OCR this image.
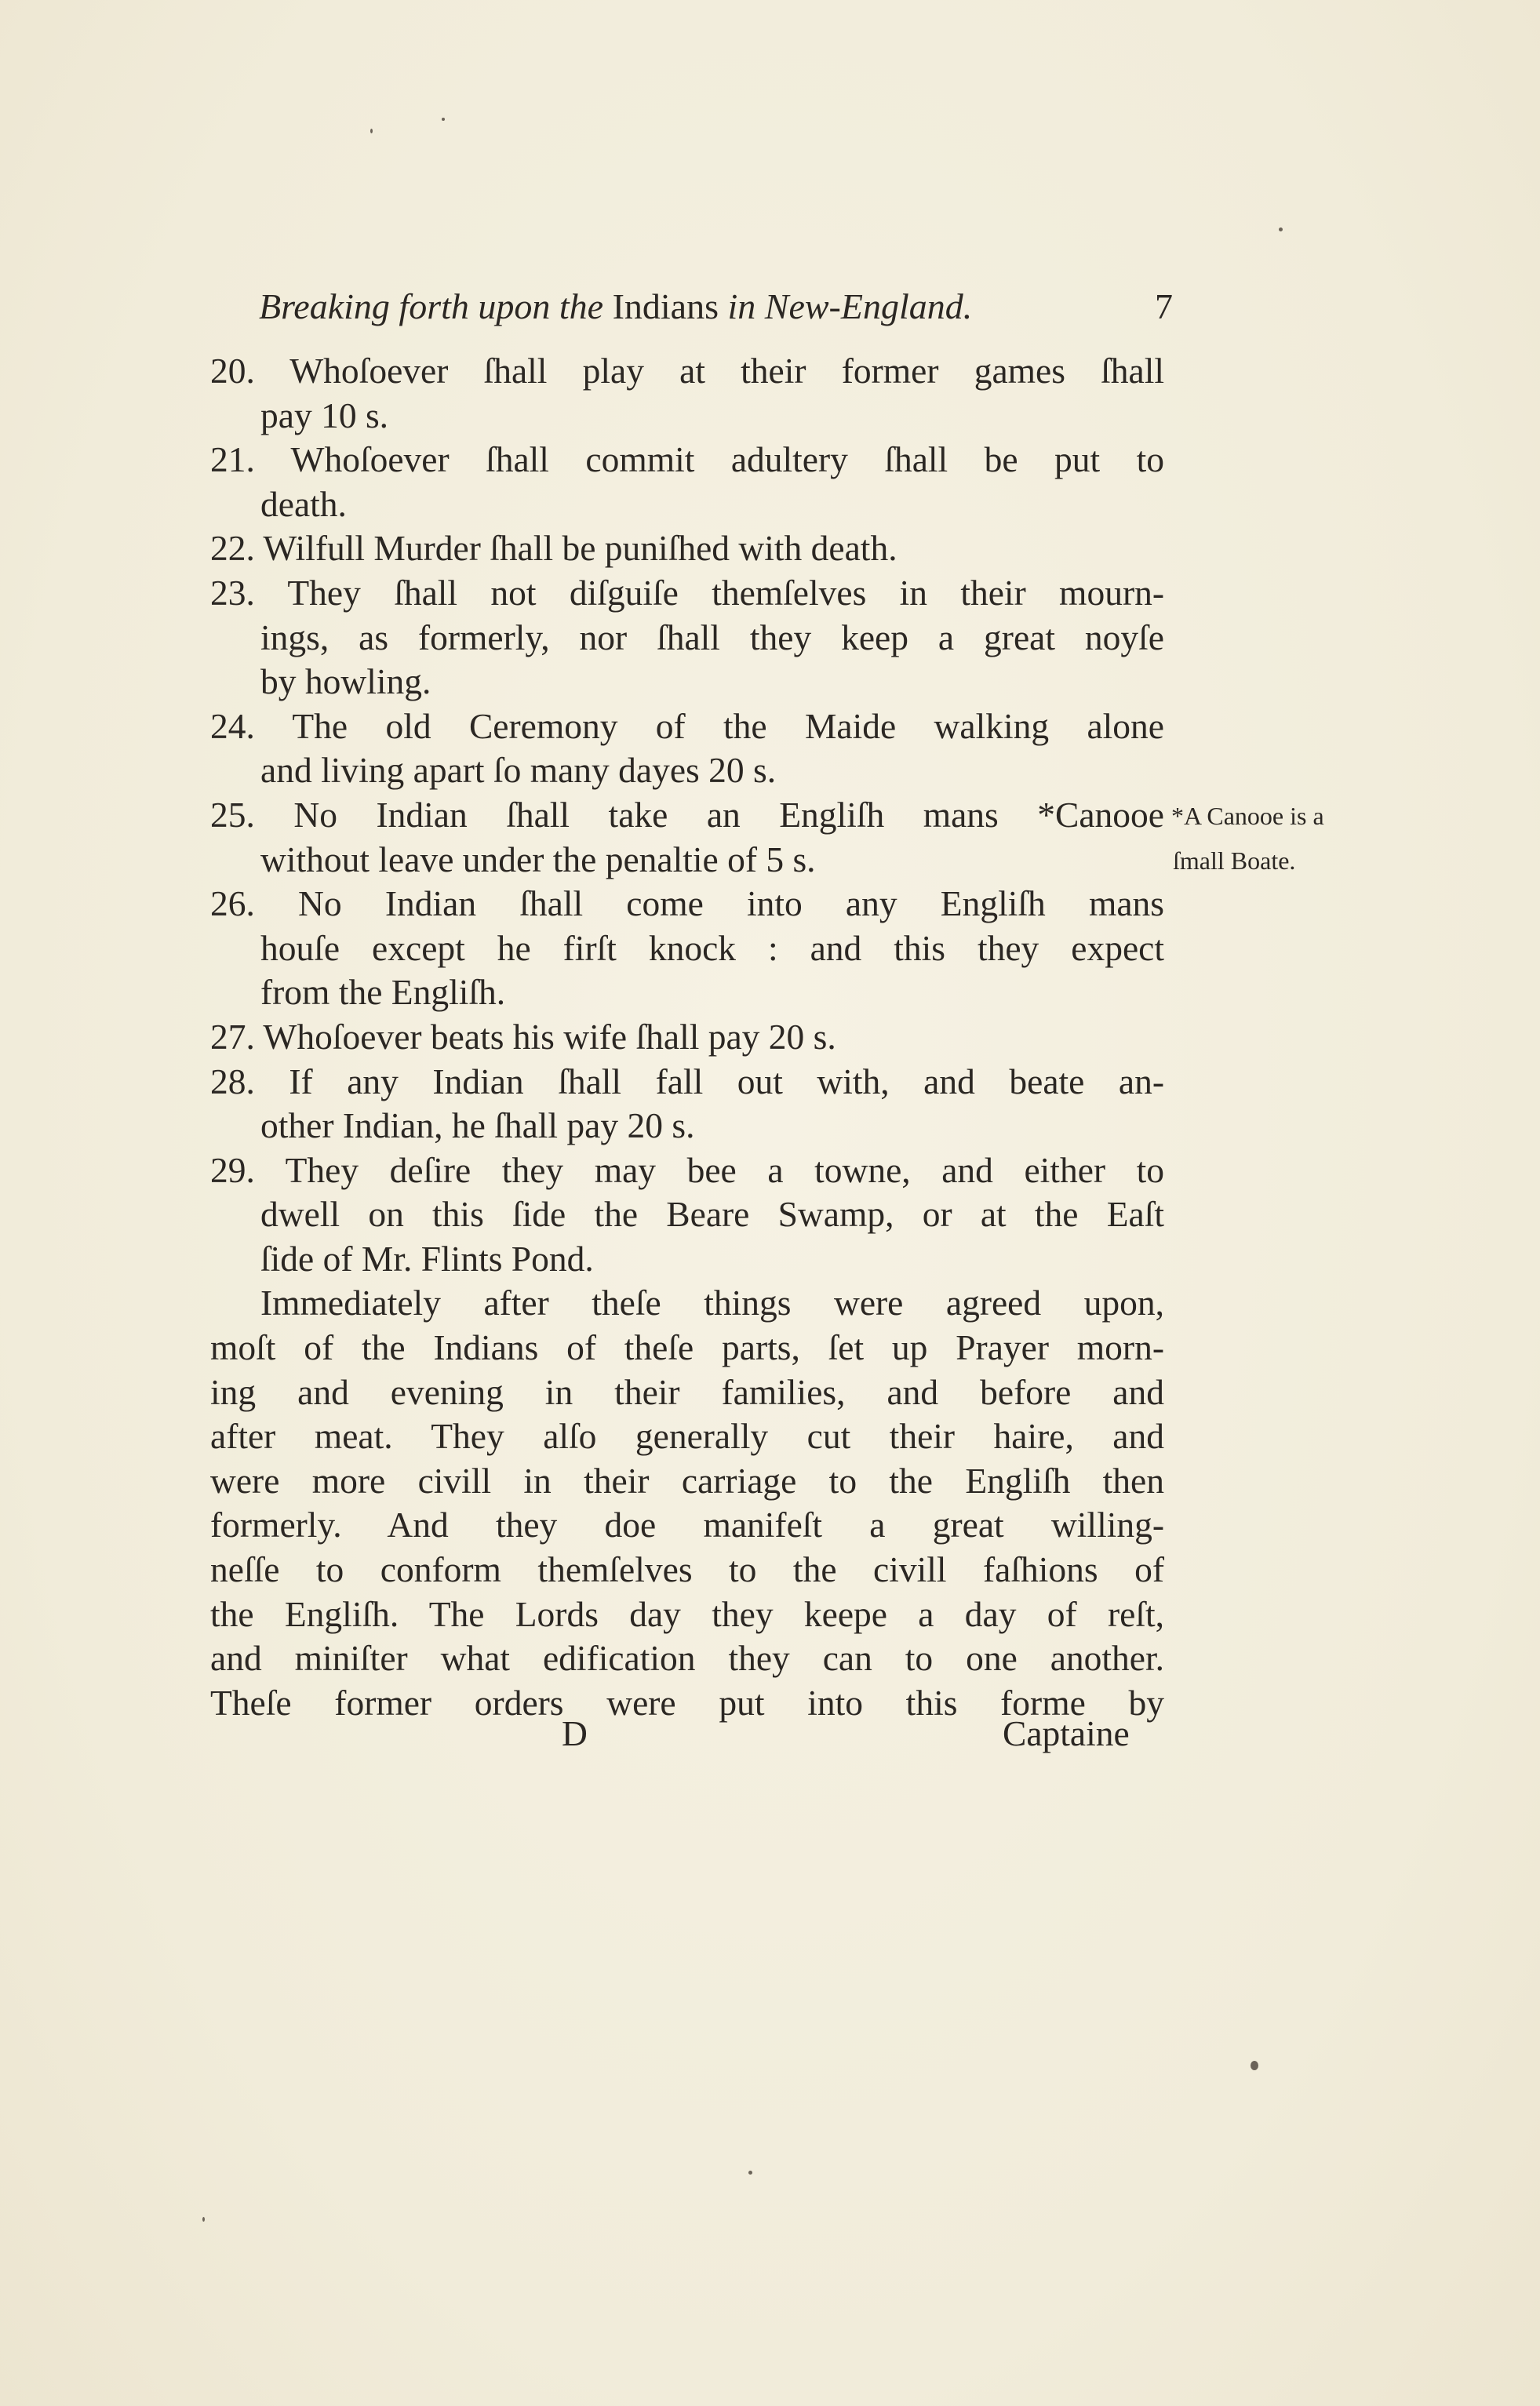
Breaking forth upon the Indians in New-England.	7
20. Whoſoever ſhall play at their former games ſhall
pay 10 s.
21. Whoſoever ſhall commit adultery ſhall be put to
death.
22. Wilfull Murder ſhall be puniſhed with death.
23. They ſhall not diſguiſe themſelves in their mourn-
ings, as formerly, nor ſhall they keep a great noyſe
by howling.
24. The old Ceremony of the Maide walking alone
and living apart ſo many dayes 20 s.
25. No Indian ſhall take an Engliſh mans *Canooe
without leave under the penaltie of 5 s.
26. No Indian ſhall come into any Engliſh mans
houſe except he firſt knock : and this they expect
from the Engliſh.
27. Whoſoever beats his wife ſhall pay 20 s.
28. If any Indian ſhall fall out with, and beate an-
other Indian, he ſhall pay 20 s.
29. They deſire they may bee a towne, and either to
dwell on this ſide the Beare Swamp, or at the Eaſt
ſide of Mr. Flints Pond.
Immediately after theſe things were agreed upon,
moſt of the Indians of theſe parts, ſet up Prayer morn-
ing and evening in their families, and before and
after meat. They alſo generally cut their haire, and
were more civill in their carriage to the Engliſh then
formerly. And they doe manifeſt a great willing-
neſſe to conform themſelves to the civill faſhions of
the Engliſh. The Lords day they keepe a day of reſt,
and miniſter what edification they can to one another.
Theſe former orders were put into this forme by
D	Captaine
*A Canooe is a
ſmall Boate.
